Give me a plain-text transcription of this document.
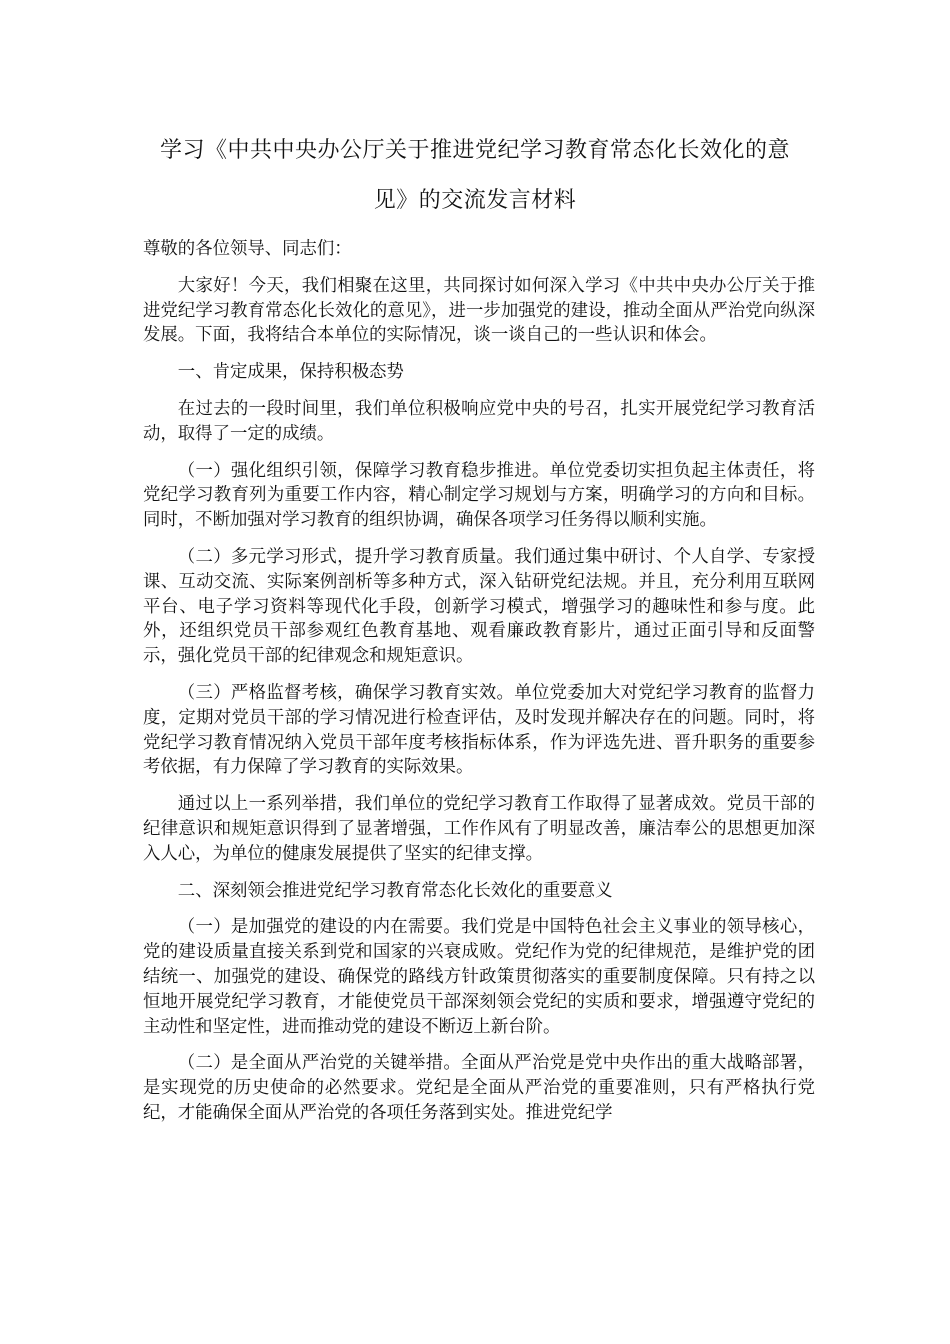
学习《中共中央办公厅关于推进党纪学习教育常态化长效化的意
见》的交流发言材料

尊敬的各位领导、同志们：

大家好！今天，我们相聚在这里，共同探讨如何深入学习《中共中央办公厅关于推进党纪学习教育常态化长效化的意见》，进一步加强党的建设，推动全面从严治党向纵深发展。下面，我将结合本单位的实际情况，谈一谈自己的一些认识和体会。

一、肯定成果，保持积极态势

在过去的一段时间里，我们单位积极响应党中央的号召，扎实开展党纪学习教育活动，取得了一定的成绩。

（一）强化组织引领，保障学习教育稳步推进。单位党委切实担负起主体责任，将党纪学习教育列为重要工作内容，精心制定学习规划与方案，明确学习的方向和目标。同时，不断加强对学习教育的组织协调，确保各项学习任务得以顺利实施。

（二）多元学习形式，提升学习教育质量。我们通过集中研讨、个人自学、专家授课、互动交流、实际案例剖析等多种方式，深入钻研党纪法规。并且，充分利用互联网平台、电子学习资料等现代化手段，创新学习模式，增强学习的趣味性和参与度。此外，还组织党员干部参观红色教育基地、观看廉政教育影片，通过正面引导和反面警示，强化党员干部的纪律观念和规矩意识。

（三）严格监督考核，确保学习教育实效。单位党委加大对党纪学习教育的监督力度，定期对党员干部的学习情况进行检查评估，及时发现并解决存在的问题。同时，将党纪学习教育情况纳入党员干部年度考核指标体系，作为评选先进、晋升职务的重要参考依据，有力保障了学习教育的实际效果。

通过以上一系列举措，我们单位的党纪学习教育工作取得了显著成效。党员干部的纪律意识和规矩意识得到了显著增强，工作作风有了明显改善，廉洁奉公的思想更加深入人心，为单位的健康发展提供了坚实的纪律支撑。

二、深刻领会推进党纪学习教育常态化长效化的重要意义

（一）是加强党的建设的内在需要。我们党是中国特色社会主义事业的领导核心，党的建设质量直接关系到党和国家的兴衰成败。党纪作为党的纪律规范，是维护党的团结统一、加强党的建设、确保党的路线方针政策贯彻落实的重要制度保障。只有持之以恒地开展党纪学习教育，才能使党员干部深刻领会党纪的实质和要求，增强遵守党纪的主动性和坚定性，进而推动党的建设不断迈上新台阶。

（二）是全面从严治党的关键举措。全面从严治党是党中央作出的重大战略部署，是实现党的历史使命的必然要求。党纪是全面从严治党的重要准则，只有严格执行党纪，才能确保全面从严治党的各项任务落到实处。推进党纪学
